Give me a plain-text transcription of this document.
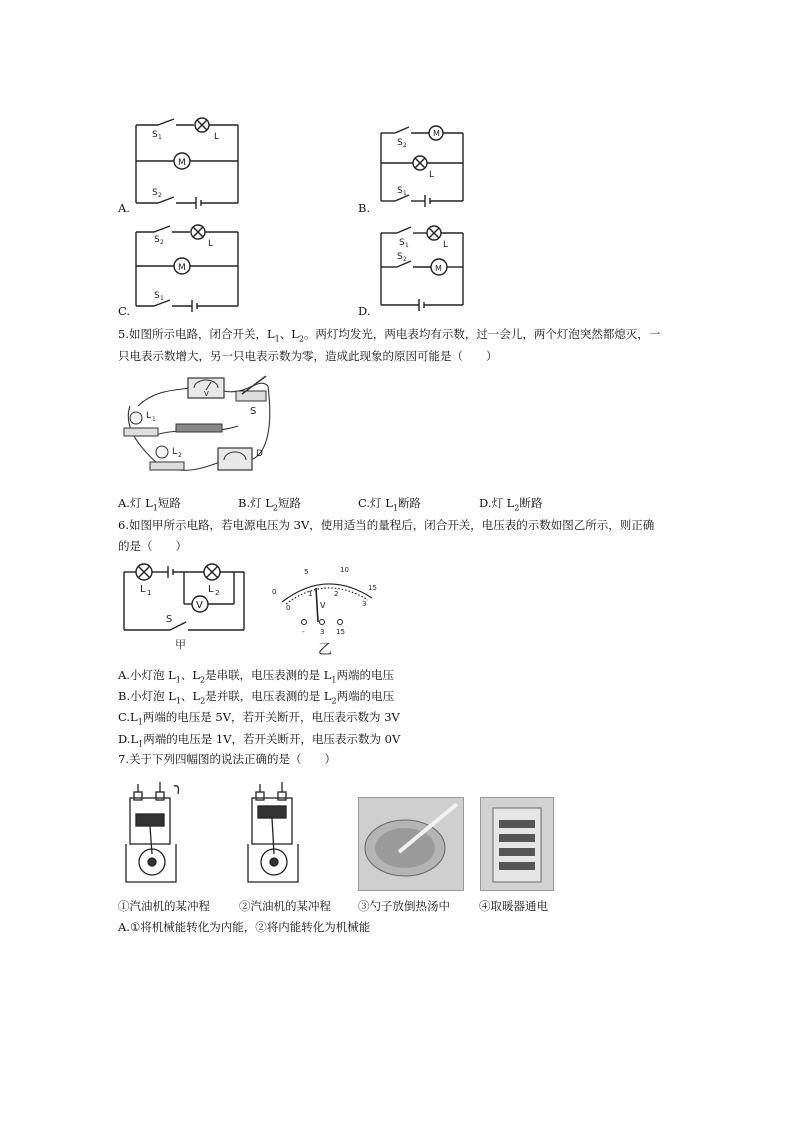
M
S 1	L
S 2
A.
M
S 2
L
S 1
B.
M
S 2	L
S 1
C.
M
S 1	L
S 2
D.
5.如图所示电路，闭合开关，$L_1$、$L_2$。两灯均发光，两电表均有示数，过一会儿，两个灯泡突然都熄灭，一
只电表示数增大，另一只电表示数为零，造成此现象的原因可能是（　　）
V
S
L 1
L 2	D
A.灯 $L_1$短路	B.灯 $L_2$短路	C.灯 $L_1$断路	D.灯 $L_2$断路
6.如图甲所示电路，若电源电压为 3V，使用适当的量程后，闭合开关，电压表的示数如图乙所示，则正确
的是（　　）
V
L 1	L 2
S
甲
5	10
15
0
0
1	2
3
V
- 3 15
乙
A.小灯泡 $L_1$、$L_2$是串联，电压表测的是 $L_1$两端的电压
B.小灯泡 $L_1$、$L_2$是并联，电压表测的是 $L_2$两端的电压
$C.L_1$两端的电压是 5V，若开关断开，电压表示数为 3V
$D.L_1$两端的电压是 1V，若开关断开，电压表示数为 0V
7.关于下列四幅图的说法正确的是（　　）
①汽油机的某冲程	②汽油机的某冲程 ③勺子放倒热汤中	④取暖器通电
A.①将机械能转化为内能，②将内能转化为机械能
